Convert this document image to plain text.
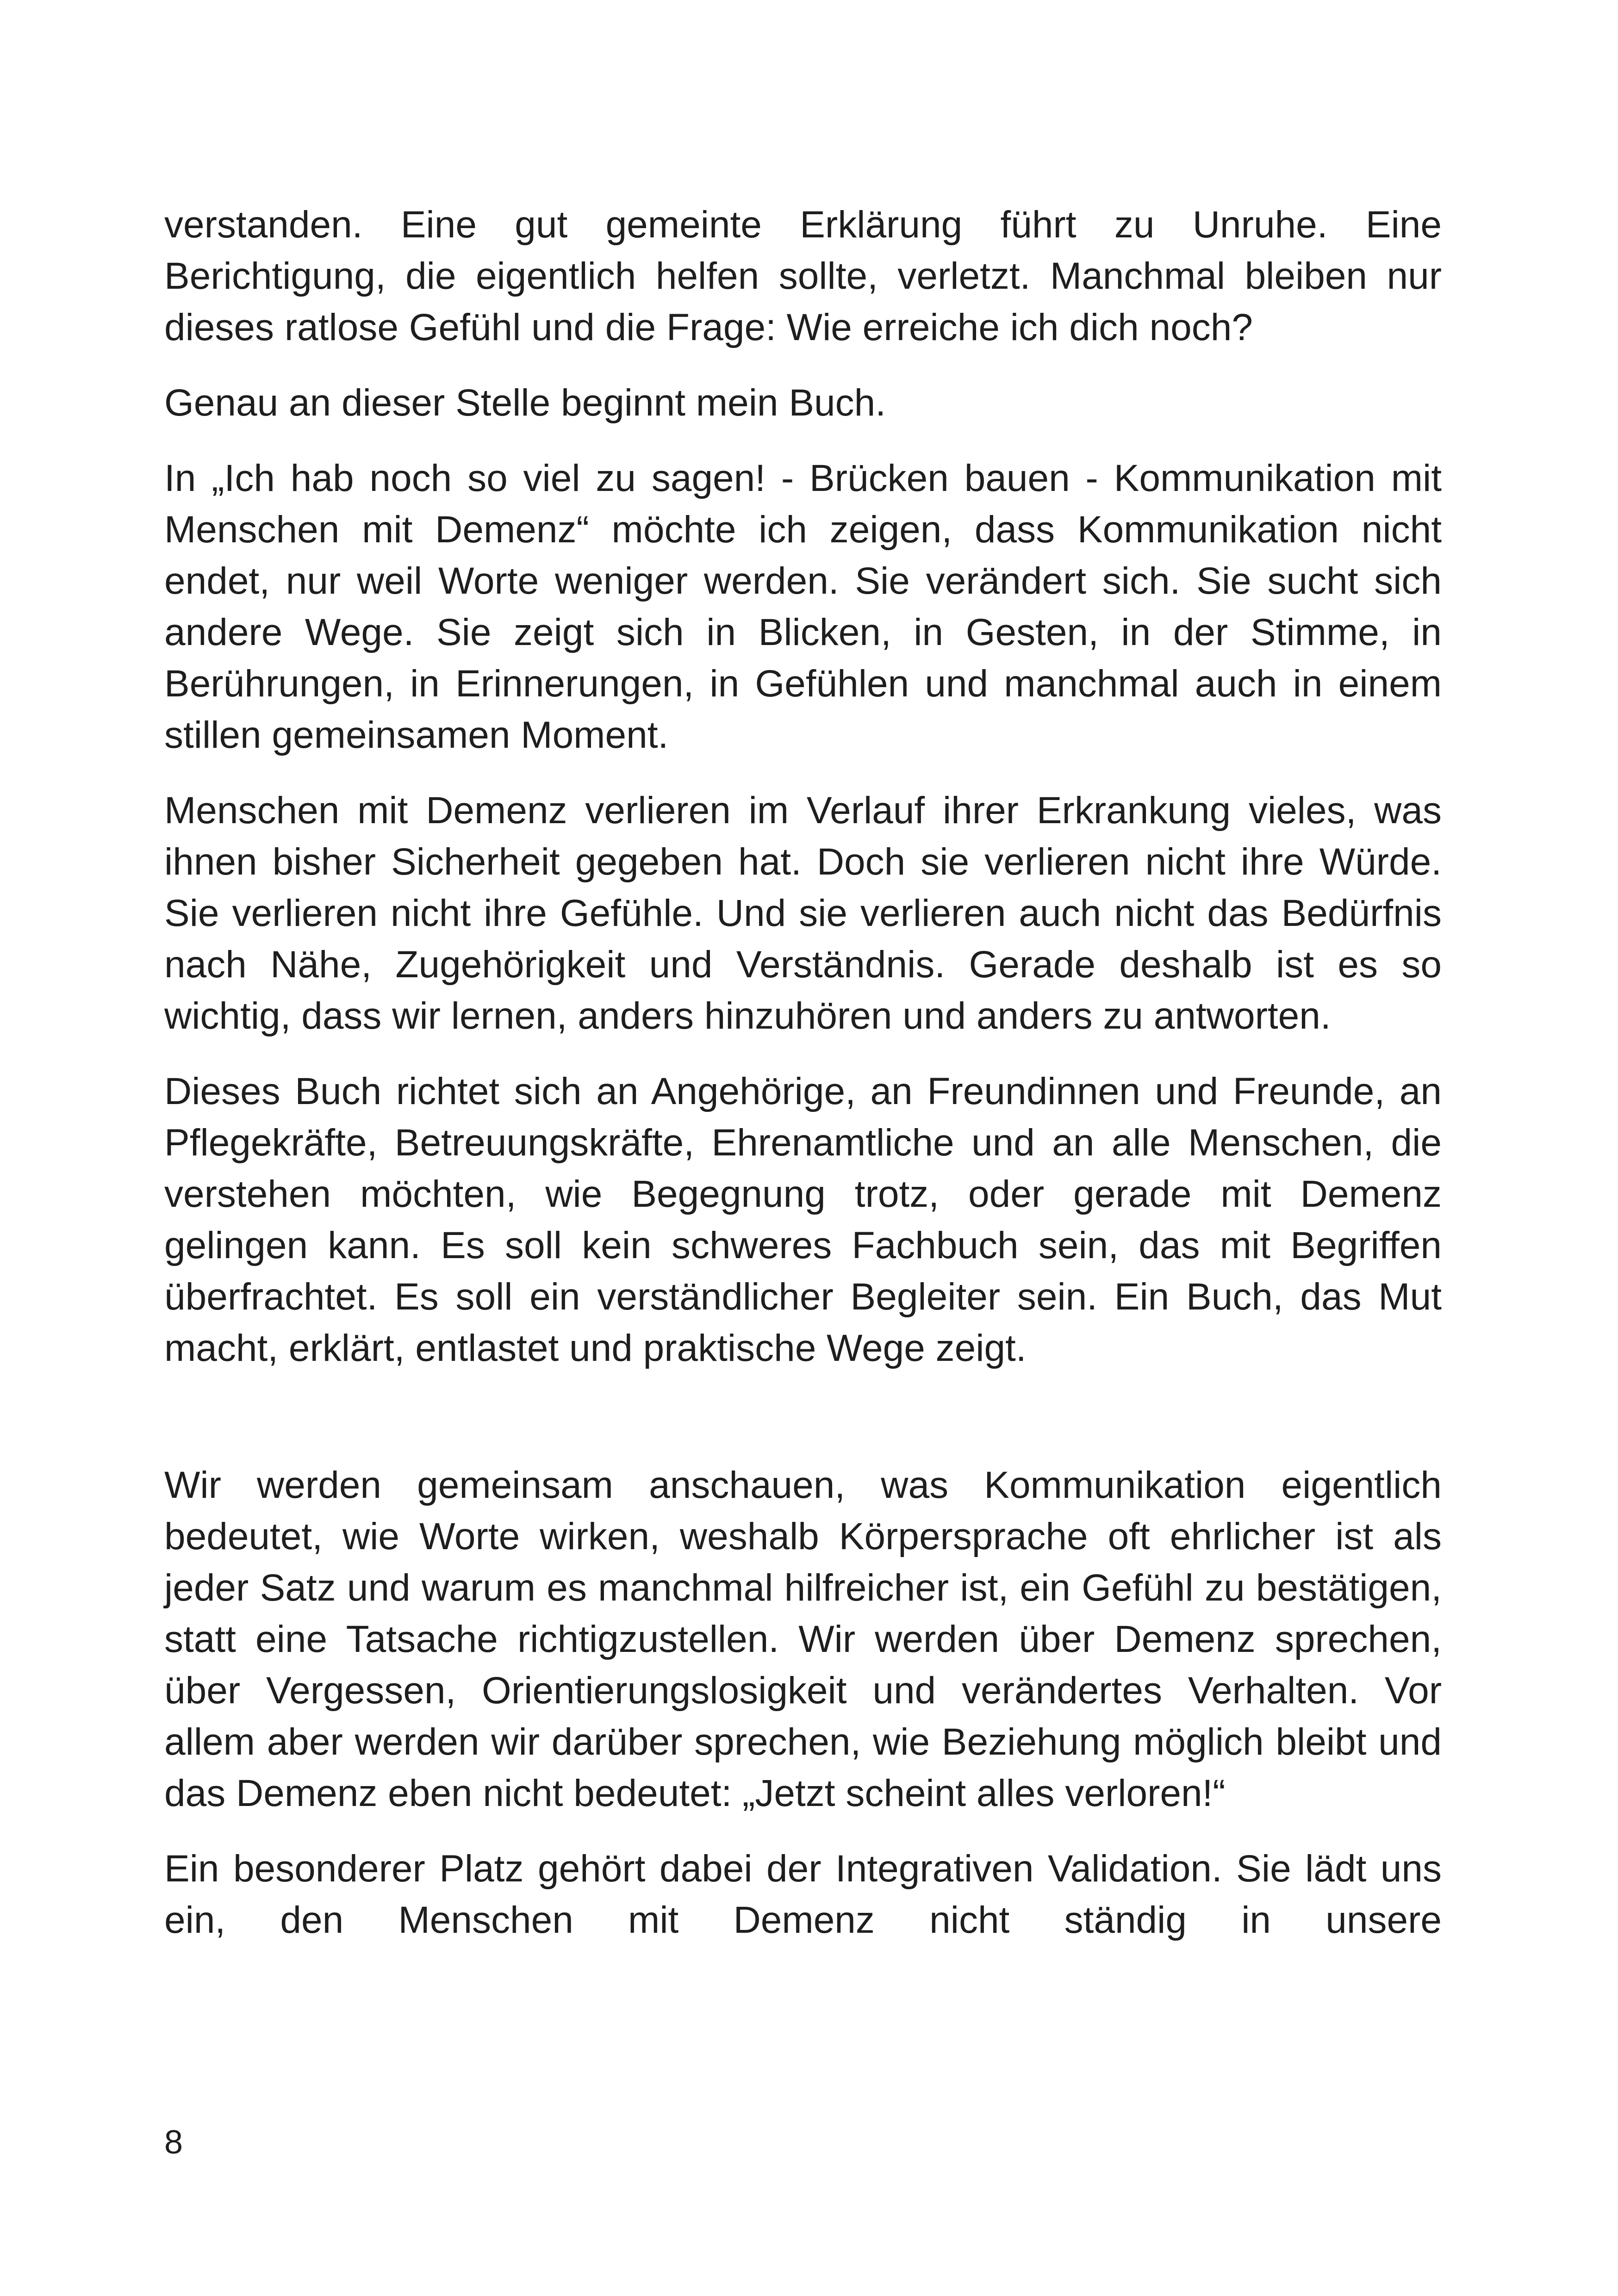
verstanden. Eine gut gemeinte Erklärung führt zu Unruhe. Eine Berichtigung, die eigentlich helfen sollte, verletzt. Manchmal bleiben nur dieses ratlose Gefühl und die Frage: Wie erreiche ich dich noch?

Genau an dieser Stelle beginnt mein Buch.

In „Ich hab noch so viel zu sagen! - Brücken bauen - Kommunikation mit Menschen mit Demenz“ möchte ich zeigen, dass Kommunikation nicht endet, nur weil Worte weniger werden. Sie verändert sich. Sie sucht sich andere Wege. Sie zeigt sich in Blicken, in Gesten, in der Stimme, in Berührungen, in Erinnerungen, in Gefühlen und manchmal auch in einem stillen gemeinsamen Moment.

Menschen mit Demenz verlieren im Verlauf ihrer Erkrankung vieles, was ihnen bisher Sicherheit gegeben hat. Doch sie verlieren nicht ihre Würde. Sie verlieren nicht ihre Gefühle. Und sie verlieren auch nicht das Bedürfnis nach Nähe, Zugehörigkeit und Verständnis. Gerade deshalb ist es so wichtig, dass wir lernen, anders hinzuhören und anders zu antworten.

Dieses Buch richtet sich an Angehörige, an Freundinnen und Freunde, an Pflegekräfte, Betreuungskräfte, Ehrenamtliche und an alle Menschen, die verstehen möchten, wie Begegnung trotz, oder gerade mit Demenz gelingen kann. Es soll kein schweres Fachbuch sein, das mit Begriffen überfrachtet. Es soll ein verständlicher Begleiter sein. Ein Buch, das Mut macht, erklärt, entlastet und praktische Wege zeigt.

Wir werden gemeinsam anschauen, was Kommunikation eigentlich bedeutet, wie Worte wirken, weshalb Körpersprache oft ehrlicher ist als jeder Satz und warum es manchmal hilfreicher ist, ein Gefühl zu bestätigen, statt eine Tatsache richtigzustellen. Wir werden über Demenz sprechen, über Vergessen, Orientierungslosigkeit und verändertes Verhalten. Vor allem aber werden wir darüber sprechen, wie Beziehung möglich bleibt und das Demenz eben nicht bedeutet: „Jetzt scheint alles verloren!“

Ein besonderer Platz gehört dabei der Integrativen Validation. Sie lädt uns ein, den Menschen mit Demenz nicht ständig in unsere

8
